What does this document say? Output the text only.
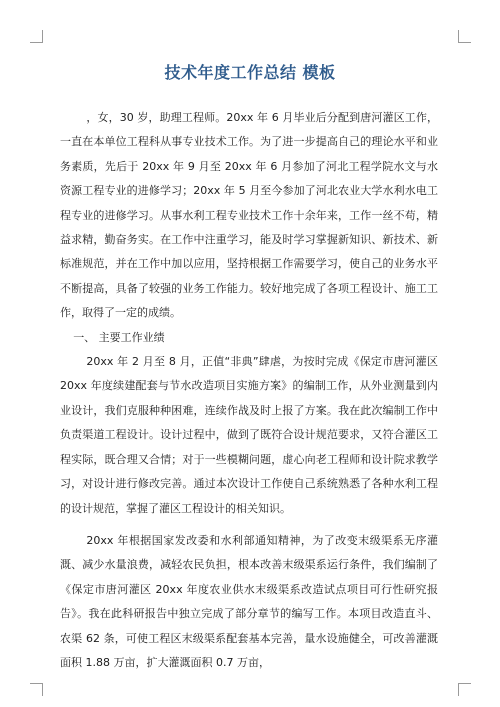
技术年度工作总结 模板

，女，30 岁，助理工程师。20xx 年 6 月毕业后分配到唐河灌区工作，一直在本单位工程科从事专业技术工作。为了进一步提高自己的理论水平和业务素质，先后于 20xx 年 9 月至 20xx 年 6 月参加了河北工程学院水文与水资源工程专业的进修学习；20xx 年 5 月至今参加了河北农业大学水利水电工程专业的进修学习。从事水利工程专业技术工作十余年来，工作一丝不苟，精益求精，勤奋务实。在工作中注重学习，能及时学习掌握新知识、新技术、新标准规范，并在工作中加以应用，坚持根据工作需要学习，使自己的业务水平不断提高，具备了较强的业务工作能力。较好地完成了各项工程设计、施工工作，取得了一定的成绩。

一、 主要工作业绩

20xx 年 2 月至 8 月，正值“非典”肆虐，为按时完成《保定市唐河灌区 20xx 年度续建配套与节水改造项目实施方案》的编制工作，从外业测量到内业设计，我们克服种种困难，连续作战及时上报了方案。我在此次编制工作中负责渠道工程设计。设计过程中，做到了既符合设计规范要求，又符合灌区工程实际，既合理又合情；对于一些模糊问题，虚心向老工程师和设计院求教学习，对设计进行修改完善。通过本次设计工作使自己系统熟悉了各种水利工程的设计规范，掌握了灌区工程设计的相关知识。

20xx 年根据国家发改委和水利部通知精神，为了改变末级渠系无序灌溉、减少水量浪费，减轻农民负担，根本改善末级渠系运行条件，我们编制了《保定市唐河灌区 20xx 年度农业供水末级渠系改造试点项目可行性研究报告》。我在此科研报告中独立完成了部分章节的编写工作。本项目改造直斗、农渠 62 条，可使工程区末级渠系配套基本完善，量水设施健全，可改善灌溉面积 1.88 万亩，扩大灌溉面积 0.7 万亩，
